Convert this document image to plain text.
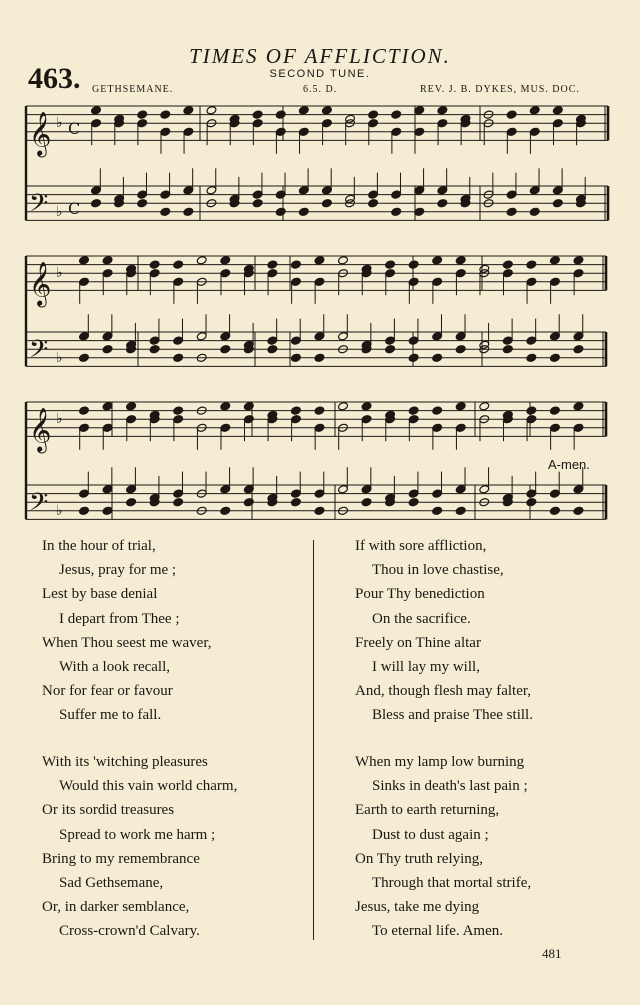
TIMES OF AFFLICTION.
SECOND TUNE.
463. GETHSEMANE.	6.5. D.	REV. J. B. DYKES, MUS. DOC.
𝄞
𝄢
♭
♭
C
C
𝄞
𝄢
♭
♭
𝄞
𝄢
♭
♭
A-men.
In the hour of trial,
Jesus, pray for me ;
Lest by base denial
I depart from Thee ;
When Thou seest me waver,
With a look recall,
Nor for fear or favour
Suffer me to fall.
With its 'witching pleasures
Would this vain world charm,
Or its sordid treasures
Spread to work me harm ;
Bring to my remembrance
Sad Gethsemane,
Or, in darker semblance,
Cross-crown'd Calvary.
If with sore affliction,
Thou in love chastise,
Pour Thy benediction
On the sacrifice.
Freely on Thine altar
I will lay my will,
And, though flesh may falter,
Bless and praise Thee still.
When my lamp low burning
Sinks in death's last pain ;
Earth to earth returning,
Dust to dust again ;
On Thy truth relying,
Through that mortal strife,
Jesus, take me dying
To eternal life. Amen.
481
